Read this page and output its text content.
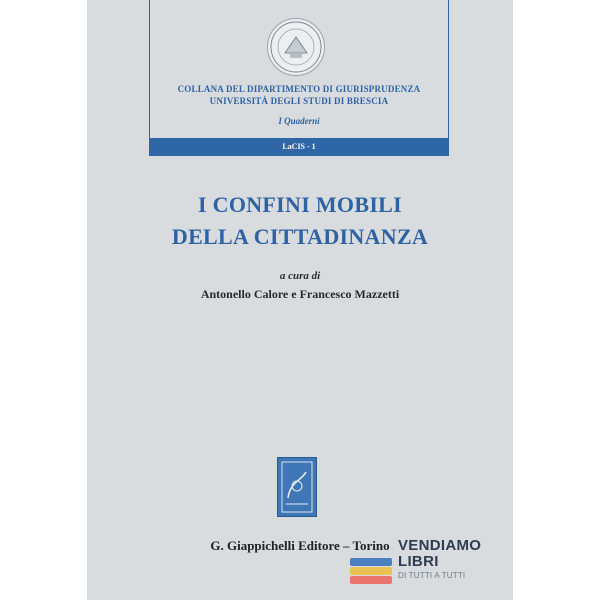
COLLANA DEL DIPARTIMENTO DI GIURISPRUDENZA
UNIVERSITÀ DEGLI STUDI DI BRESCIA
I Quaderni
LaCIS - 1
I CONFINI MOBILI
DELLA CITTADINANZA
a cura di
Antonello Calore e Francesco Mazzetti
G. Giappichelli Editore – Torino VENDIAMO
LIBRI
DI TUTTI A TUTTI
